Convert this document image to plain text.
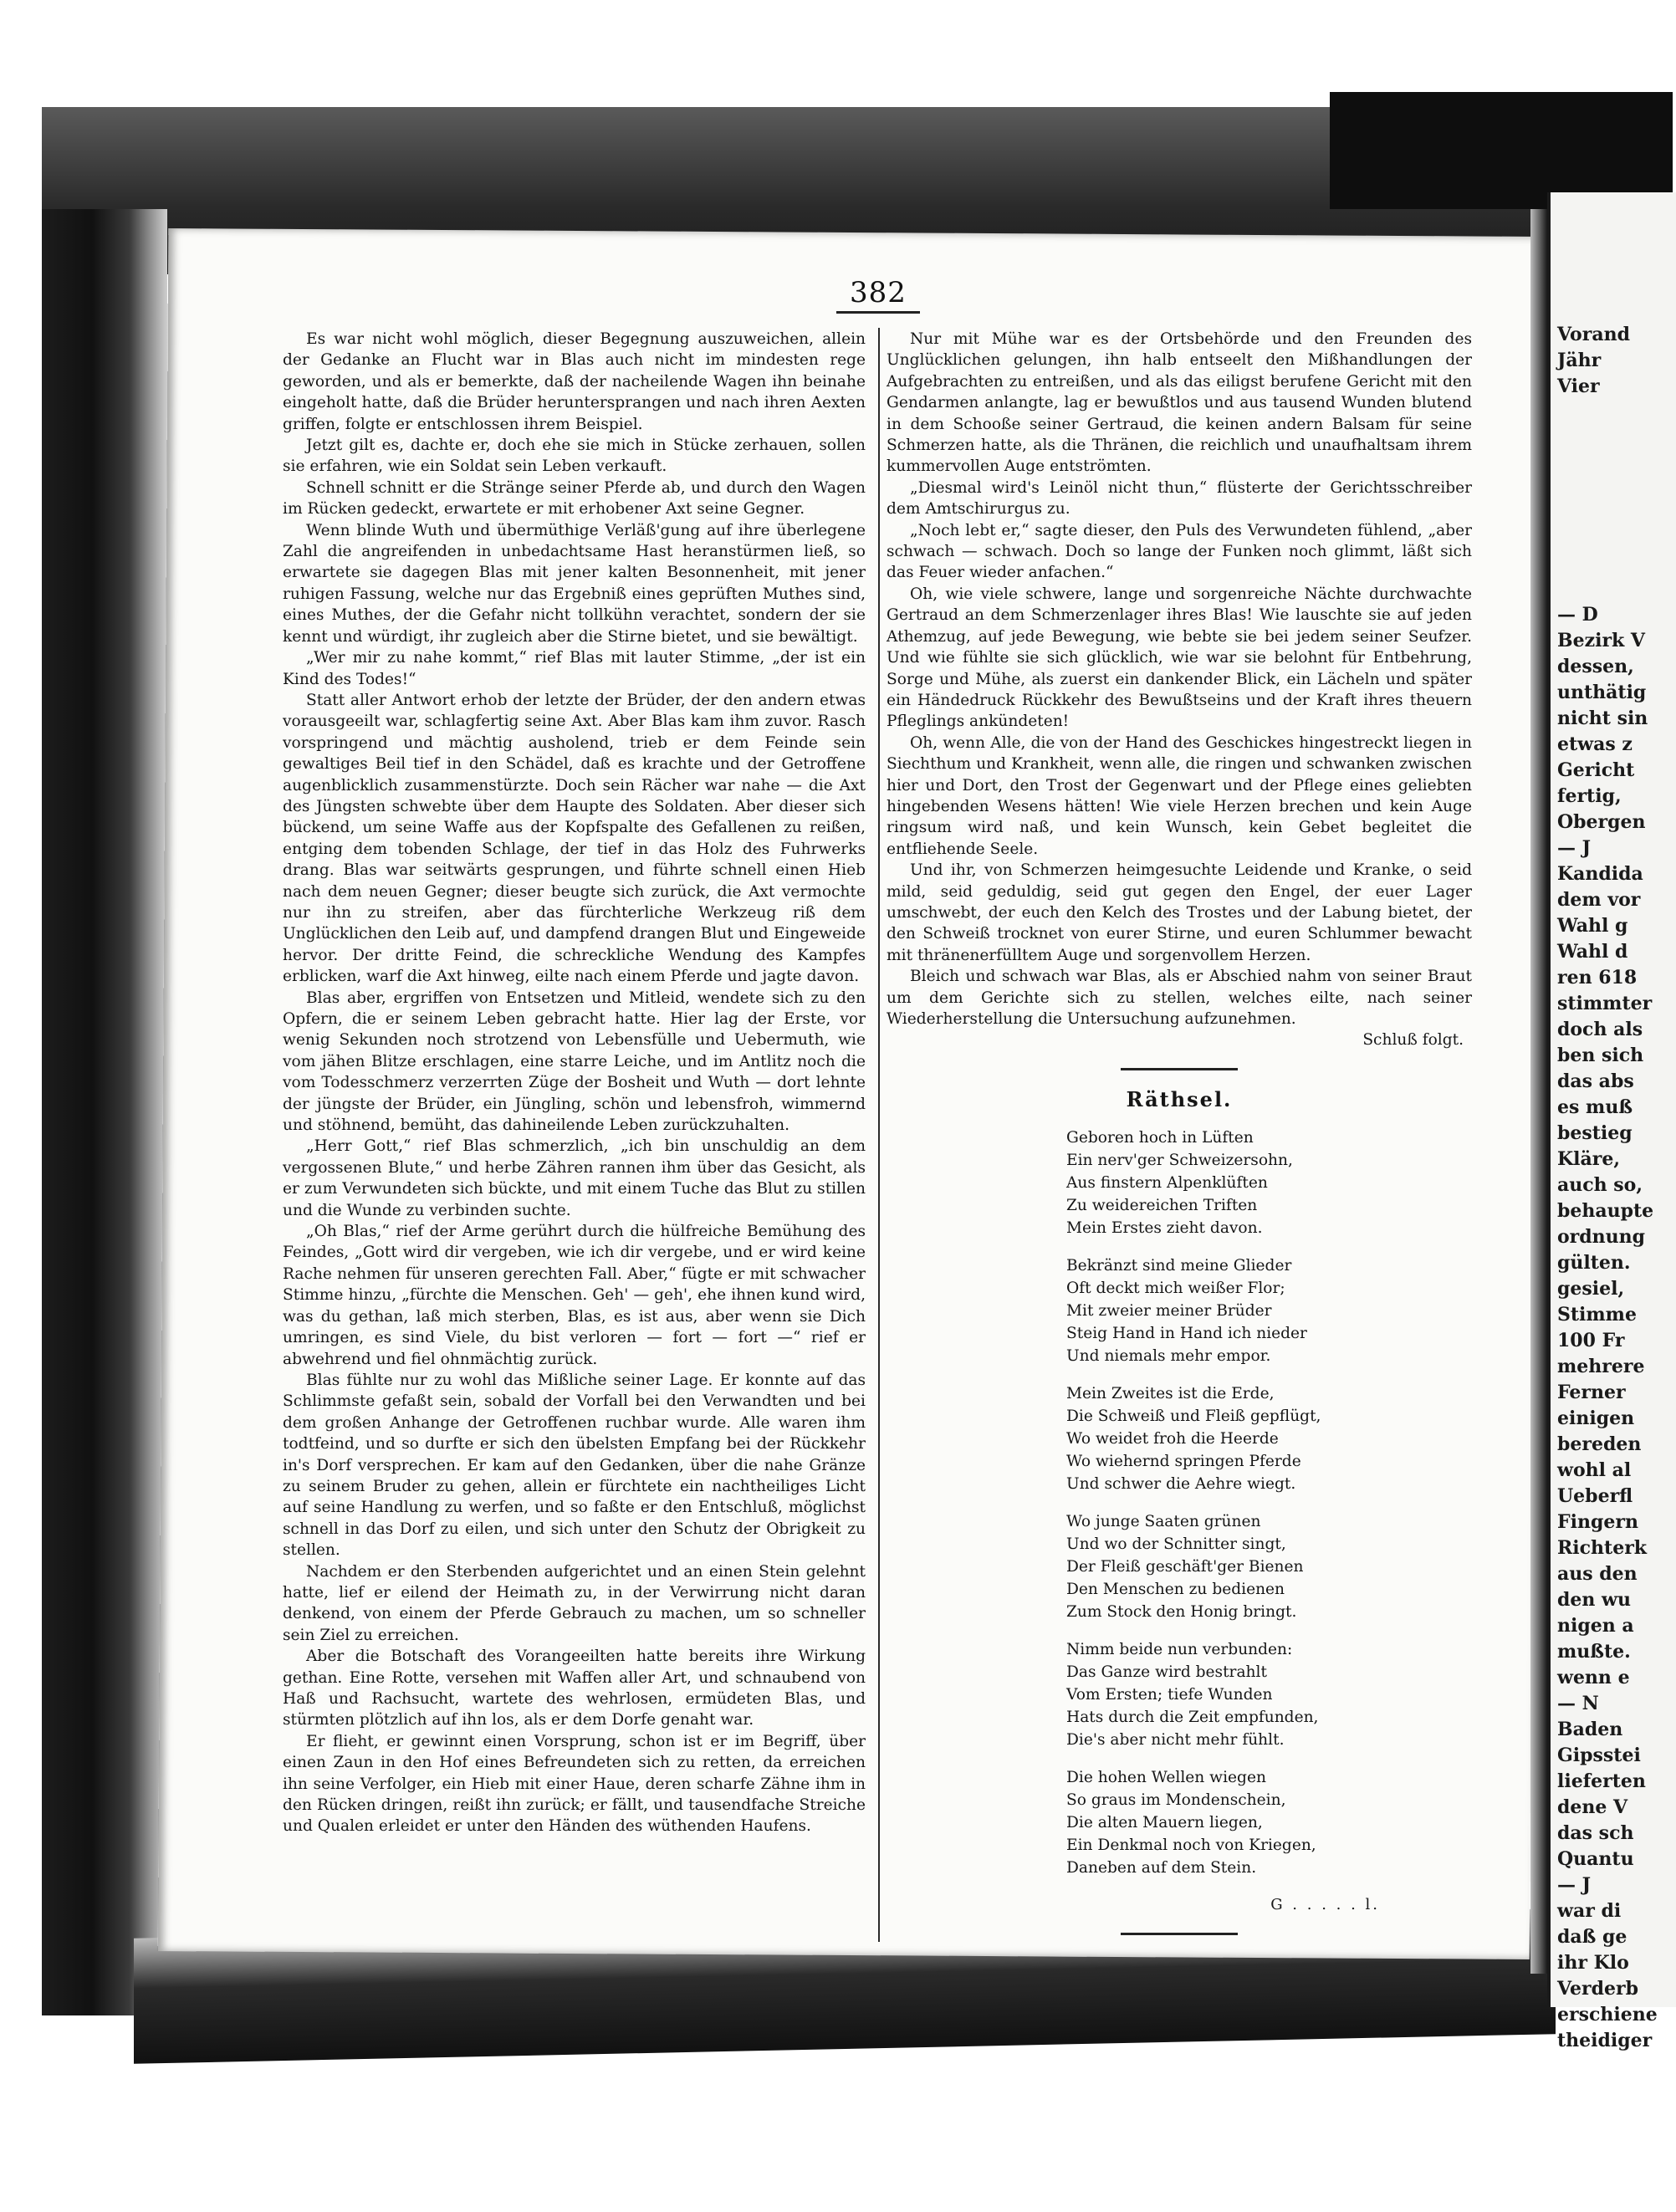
Vorand
Jähr
Vier
— D
Bezirk V
dessen,
unthätig
nicht sin
etwas z
Gericht
fertig,
Obergen
— J
Kandida
dem vor
Wahl g
Wahl d
ren 618
stimmter
doch als
ben sich
das abs
es muß
bestieg
Kläre,
auch so,
behaupte
ordnung
gülten.
gesiel,
Stimme
100 Fr
mehrere
Ferner
einigen
bereden
wohl al
Ueberfl
Fingern
Richterk
aus den
den wu
nigen a
mußte.
wenn e
— N
Baden
Gipsstei
lieferten
dene V
das sch
Quantu
— J
war di
daß ge
ihr Klo
Verderb
erschiene
theidiger
382

Es war nicht wohl möglich, dieser Begegnung auszuweichen, allein der Gedanke an Flucht war in Blas auch nicht im mindesten rege geworden, und als er bemerkte, daß der nacheilende Wagen ihn beinahe eingeholt hatte, daß die Brüder heruntersprangen und nach ihren Aexten griffen, folgte er entschlossen ihrem Beispiel.

Jetzt gilt es, dachte er, doch ehe sie mich in Stücke zerhauen, sollen sie erfahren, wie ein Soldat sein Leben verkauft.

Schnell schnitt er die Stränge seiner Pferde ab, und durch den Wagen im Rücken gedeckt, erwartete er mit erhobener Axt seine Gegner.

Wenn blinde Wuth und übermüthige Verläß'gung auf ihre überlegene Zahl die angreifenden in unbedachtsame Hast heranstürmen ließ, so erwartete sie dagegen Blas mit jener kalten Besonnenheit, mit jener ruhigen Fassung, welche nur das Ergebniß eines geprüften Muthes sind, eines Muthes, der die Gefahr nicht tollkühn verachtet, sondern der sie kennt und würdigt, ihr zugleich aber die Stirne bietet, und sie bewältigt.

„Wer mir zu nahe kommt,“ rief Blas mit lauter Stimme, „der ist ein Kind des Todes!“

Statt aller Antwort erhob der letzte der Brüder, der den andern etwas vorausgeeilt war, schlagfertig seine Axt. Aber Blas kam ihm zuvor. Rasch vorspringend und mächtig ausholend, trieb er dem Feinde sein gewaltiges Beil tief in den Schädel, daß es krachte und der Getroffene augenblicklich zusammenstürzte. Doch sein Rächer war nahe — die Axt des Jüngsten schwebte über dem Haupte des Soldaten. Aber dieser sich bückend, um seine Waffe aus der Kopfspalte des Gefallenen zu reißen, entging dem tobenden Schlage, der tief in das Holz des Fuhrwerks drang. Blas war seitwärts gesprungen, und führte schnell einen Hieb nach dem neuen Gegner; dieser beugte sich zurück, die Axt vermochte nur ihn zu streifen, aber das fürchterliche Werkzeug riß dem Unglücklichen den Leib auf, und dampfend drangen Blut und Eingeweide hervor. Der dritte Feind, die schreckliche Wendung des Kampfes erblicken, warf die Axt hinweg, eilte nach einem Pferde und jagte davon.

Blas aber, ergriffen von Entsetzen und Mitleid, wendete sich zu den Opfern, die er seinem Leben gebracht hatte. Hier lag der Erste, vor wenig Sekunden noch strotzend von Lebensfülle und Uebermuth, wie vom jähen Blitze erschlagen, eine starre Leiche, und im Antlitz noch die vom Todesschmerz verzerrten Züge der Bosheit und Wuth — dort lehnte der jüngste der Brüder, ein Jüngling, schön und lebensfroh, wimmernd und stöhnend, bemüht, das dahineilende Leben zurückzuhalten.

„Herr Gott,“ rief Blas schmerzlich, „ich bin unschuldig an dem vergossenen Blute,“ und herbe Zähren rannen ihm über das Gesicht, als er zum Verwundeten sich bückte, und mit einem Tuche das Blut zu stillen und die Wunde zu verbinden suchte.

„Oh Blas,“ rief der Arme gerührt durch die hülfreiche Bemühung des Feindes, „Gott wird dir vergeben, wie ich dir vergebe, und er wird keine Rache nehmen für unseren gerechten Fall. Aber,“ fügte er mit schwacher Stimme hinzu, „fürchte die Menschen. Geh' — geh', ehe ihnen kund wird, was du gethan, laß mich sterben, Blas, es ist aus, aber wenn sie Dich umringen, es sind Viele, du bist verloren — fort — fort —“ rief er abwehrend und fiel ohnmächtig zurück.

Blas fühlte nur zu wohl das Mißliche seiner Lage. Er konnte auf das Schlimmste gefaßt sein, sobald der Vorfall bei den Verwandten und bei dem großen Anhange der Getroffenen ruchbar wurde. Alle waren ihm todtfeind, und so durfte er sich den übelsten Empfang bei der Rückkehr in's Dorf versprechen. Er kam auf den Gedanken, über die nahe Gränze zu seinem Bruder zu gehen, allein er fürchtete ein nachtheiliges Licht auf seine Handlung zu werfen, und so faßte er den Entschluß, möglichst schnell in das Dorf zu eilen, und sich unter den Schutz der Obrigkeit zu stellen.

Nachdem er den Sterbenden aufgerichtet und an einen Stein gelehnt hatte, lief er eilend der Heimath zu, in der Verwirrung nicht daran denkend, von einem der Pferde Gebrauch zu machen, um so schneller sein Ziel zu erreichen.

Aber die Botschaft des Vorangeeilten hatte bereits ihre Wirkung gethan. Eine Rotte, versehen mit Waffen aller Art, und schnaubend von Haß und Rachsucht, wartete des wehrlosen, ermüdeten Blas, und stürmten plötzlich auf ihn los, als er dem Dorfe genaht war.

Er flieht, er gewinnt einen Vorsprung, schon ist er im Begriff, über einen Zaun in den Hof eines Befreundeten sich zu retten, da erreichen ihn seine Verfolger, ein Hieb mit einer Haue, deren scharfe Zähne ihm in den Rücken dringen, reißt ihn zurück; er fällt, und tausendfache Streiche und Qualen erleidet er unter den Händen des wüthenden Haufens.

Nur mit Mühe war es der Ortsbehörde und den Freunden des Unglücklichen gelungen, ihn halb entseelt den Mißhandlungen der Aufgebrachten zu entreißen, und als das eiligst berufene Gericht mit den Gendarmen anlangte, lag er bewußtlos und aus tausend Wunden blutend in dem Schooße seiner Gertraud, die keinen andern Balsam für seine Schmerzen hatte, als die Thränen, die reichlich und unaufhaltsam ihrem kummervollen Auge entströmten.

„Diesmal wird's Leinöl nicht thun,“ flüsterte der Gerichtsschreiber dem Amtschirurgus zu.

„Noch lebt er,“ sagte dieser, den Puls des Verwundeten fühlend, „aber schwach — schwach. Doch so lange der Funken noch glimmt, läßt sich das Feuer wieder anfachen.“

Oh, wie viele schwere, lange und sorgenreiche Nächte durchwachte Gertraud an dem Schmerzenlager ihres Blas! Wie lauschte sie auf jeden Athemzug, auf jede Bewegung, wie bebte sie bei jedem seiner Seufzer. Und wie fühlte sie sich glücklich, wie war sie belohnt für Entbehrung, Sorge und Mühe, als zuerst ein dankender Blick, ein Lächeln und später ein Händedruck Rückkehr des Bewußtseins und der Kraft ihres theuern Pfleglings ankündeten!

Oh, wenn Alle, die von der Hand des Geschickes hingestreckt liegen in Siechthum und Krankheit, wenn alle, die ringen und schwanken zwischen hier und Dort, den Trost der Gegenwart und der Pflege eines geliebten hingebenden Wesens hätten! Wie viele Herzen brechen und kein Auge ringsum wird naß, und kein Wunsch, kein Gebet begleitet die entfliehende Seele.

Und ihr, von Schmerzen heimgesuchte Leidende und Kranke, o seid mild, seid geduldig, seid gut gegen den Engel, der euer Lager umschwebt, der euch den Kelch des Trostes und der Labung bietet, der den Schweiß trocknet von eurer Stirne, und euren Schlummer bewacht mit thränenerfülltem Auge und sorgenvollem Herzen.

Bleich und schwach war Blas, als er Abschied nahm von seiner Braut um dem Gerichte sich zu stellen, welches eilte, nach seiner Wiederherstellung die Untersuchung aufzunehmen.

Schluß folgt.
Räthsel.
Geboren hoch in Lüften
Ein nerv'ger Schweizersohn,
Aus finstern Alpenklüften
Zu weidereichen Triften
Mein Erstes zieht davon.
Bekränzt sind meine Glieder
Oft deckt mich weißer Flor;
Mit zweier meiner Brüder
Steig Hand in Hand ich nieder
Und niemals mehr empor.
Mein Zweites ist die Erde,
Die Schweiß und Fleiß gepflügt,
Wo weidet froh die Heerde
Wo wiehernd springen Pferde
Und schwer die Aehre wiegt.
Wo junge Saaten grünen
Und wo der Schnitter singt,
Der Fleiß geschäft'ger Bienen
Den Menschen zu bedienen
Zum Stock den Honig bringt.
Nimm beide nun verbunden:
Das Ganze wird bestrahlt
Vom Ersten; tiefe Wunden
Hats durch die Zeit empfunden,
Die's aber nicht mehr fühlt.
Die hohen Wellen wiegen
So graus im Mondenschein,
Die alten Mauern liegen,
Ein Denkmal noch von Kriegen,
Daneben auf dem Stein.
G . . . . . l.
